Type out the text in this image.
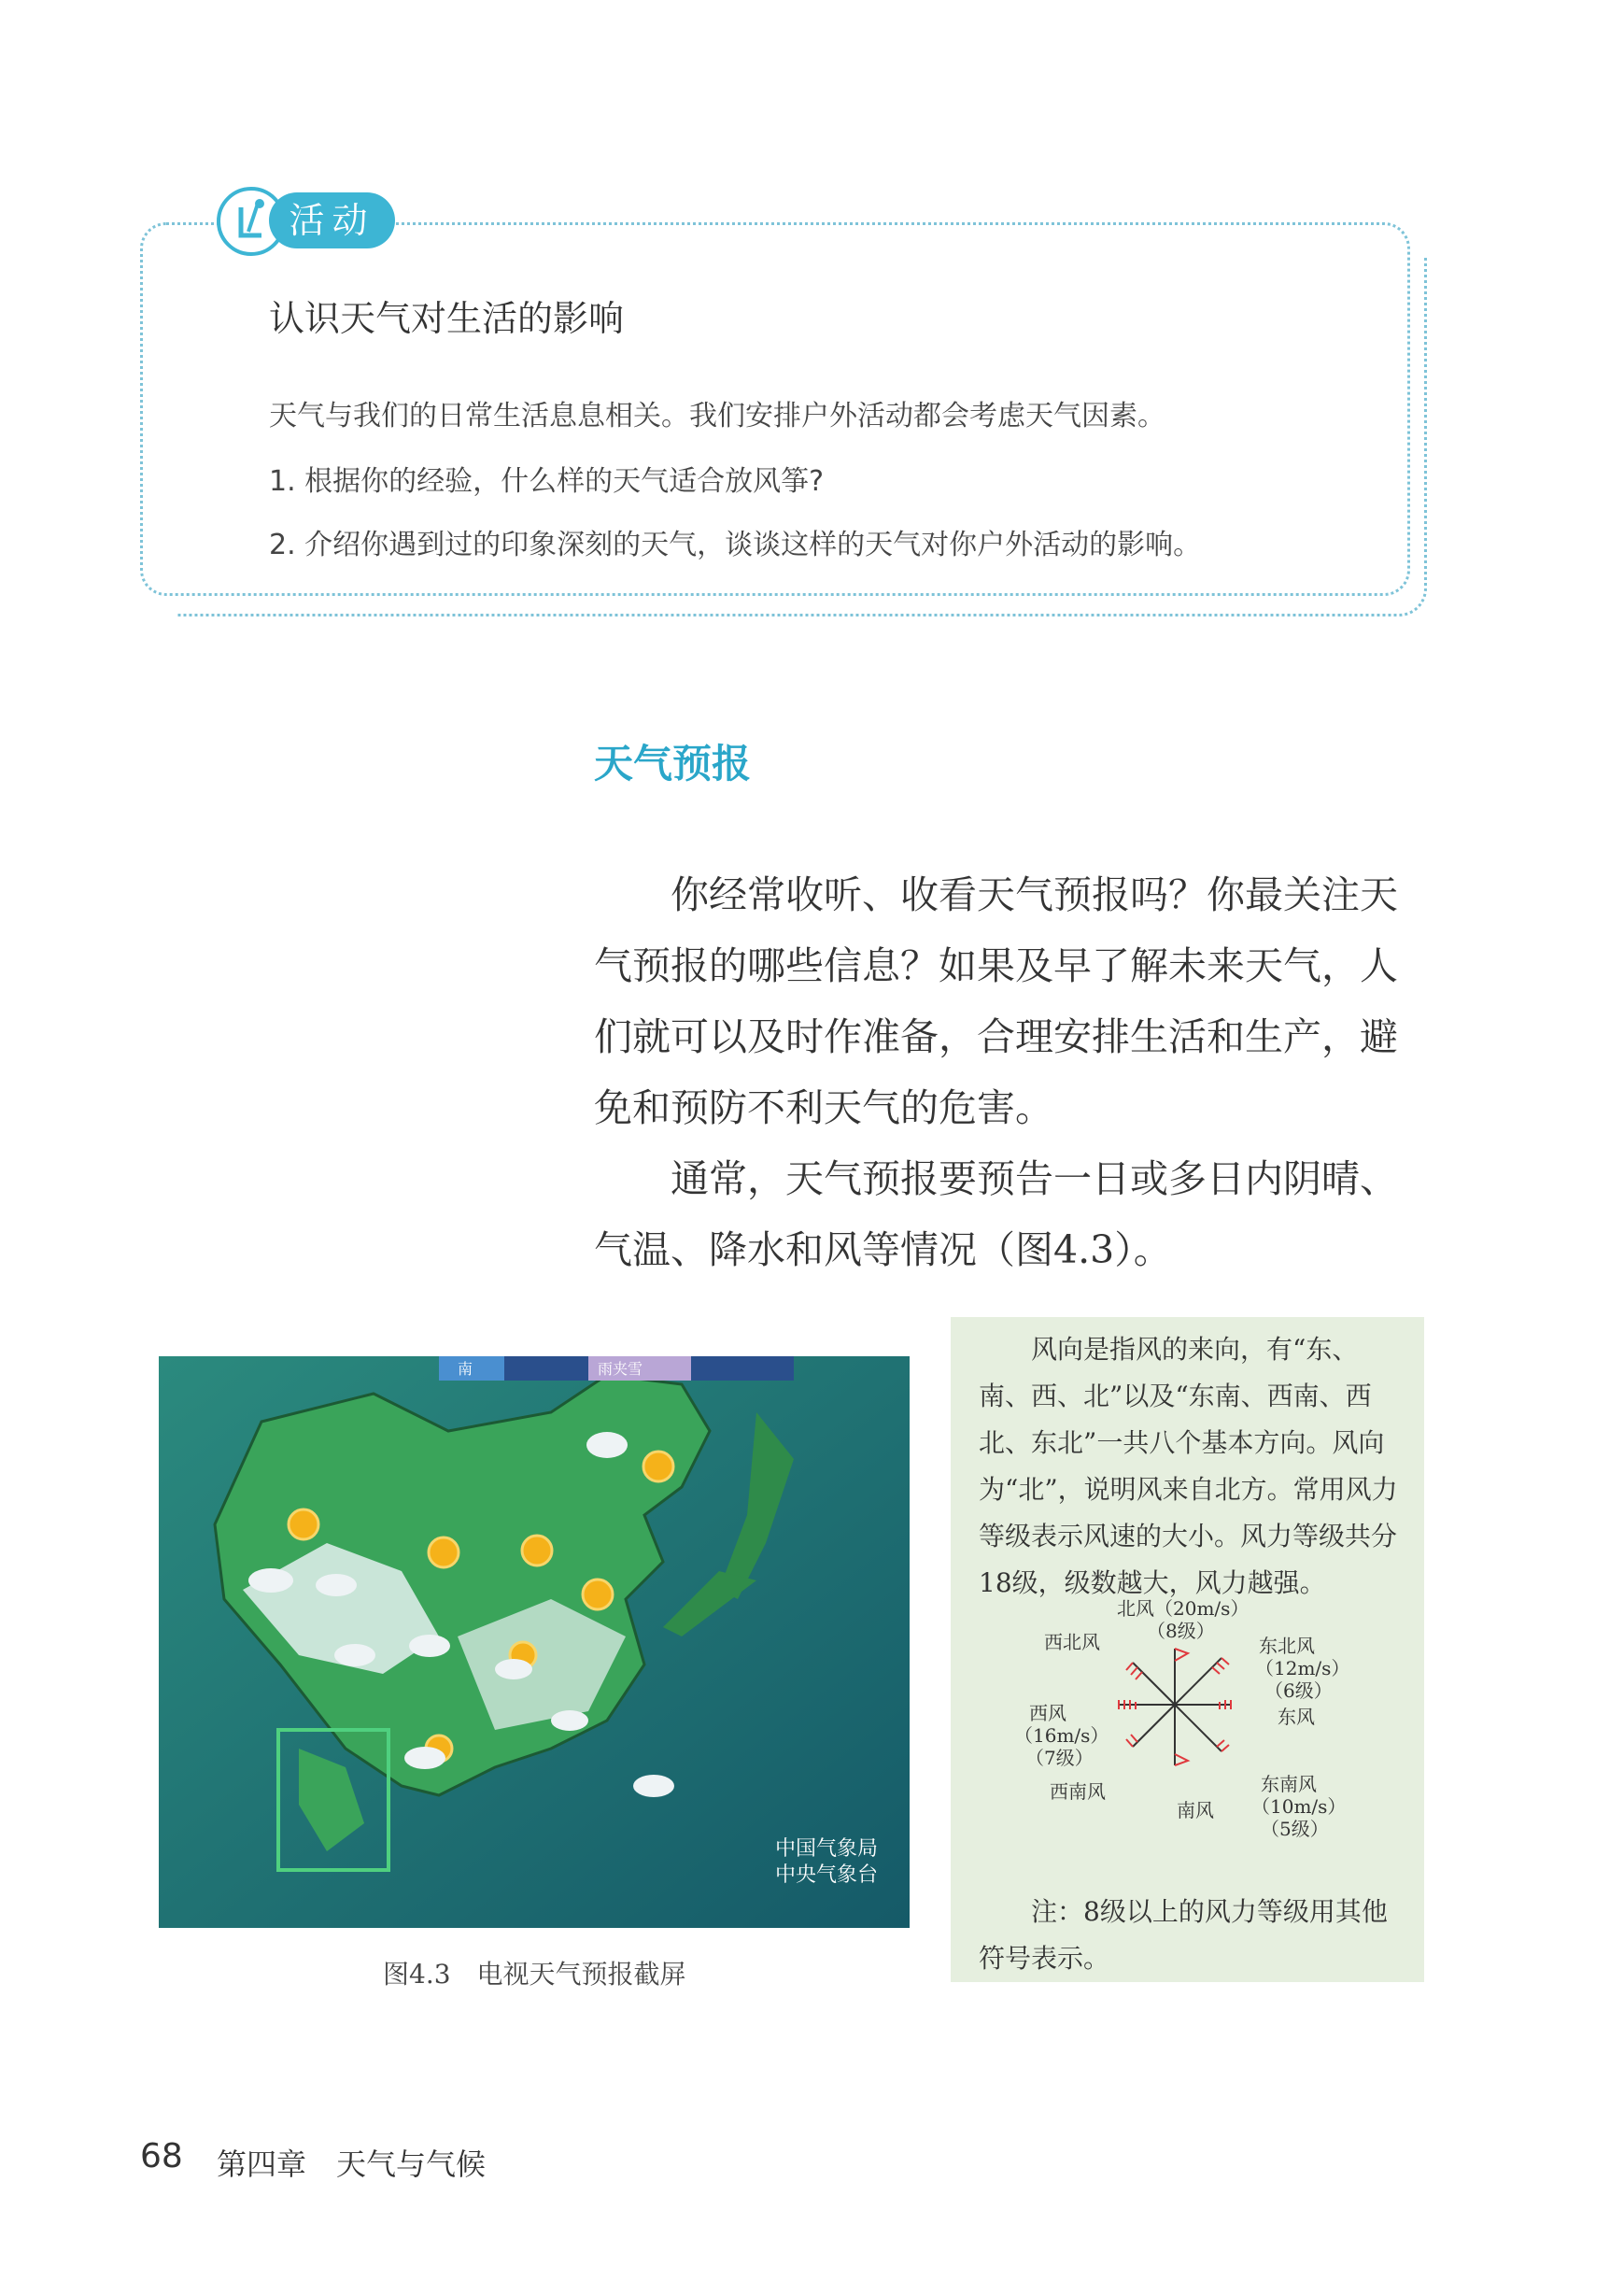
活动
认识天气对生活的影响
天气与我们的日常生活息息相关。我们安排户外活动都会考虑天气因素。
1. 根据你的经验，什么样的天气适合放风筝?
2. 介绍你遇到过的印象深刻的天气，谈谈这样的天气对你户外活动的影响。
天气预报
你经常收听、收看天气预报吗？你最关注天气预报的哪些信息？如果及早了解未来天气，人们就可以及时作准备，合理安排生活和生产，避免和预防不利天气的危害。
通常，天气预报要预告一日或多日内阴晴、气温、降水和风等情况（图4.3）。
南	雨夹雪
中国气象局
中央气象台
图4.3　电视天气预报截屏
风向是指风的来向，有“东、南、西、北”以及“东南、西南、西北、东北”一共八个基本方向。风向为“北”，说明风来自北方。常用风力等级表示风速的大小。风力等级共分18级，级数越大，风力越强。
北风（20m/s）
（8级）
西北风	东北风
（12m/s）
（6级）
东风
西风
（16m/s）
（7级）
东南风
（10m/s）
（5级）
西南风
南风
注：8级以上的风力等级用其他符号表示。
68 第四章　天气与气候
